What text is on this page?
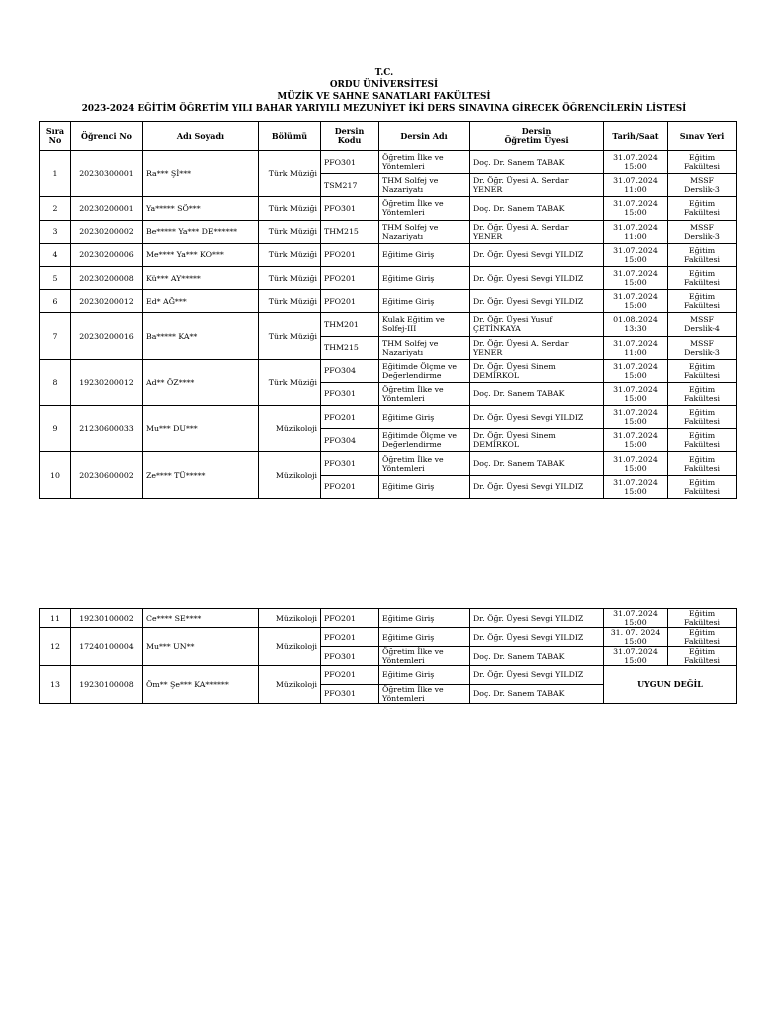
T.C.
ORDU ÜNİVERSİTESİ
MÜZİK VE SAHNE SANATLARI FAKÜLTESİ
2023-2024 EĞİTİM ÖĞRETİM YILI BAHAR YARIYILI MEZUNİYET İKİ DERS SINAVINA GİRECEK ÖĞRENCİLERİN LİSTESİ
Sıra
No	Öğrenci No	Adı Soyadı	Bölümü	Dersin
Kodu	Dersin Adı	Dersin
Öğretim Üyesi	Tarih/Saat	Sınav Yeri
1	20230300001	Ra*** Şİ***	Türk Müziği	PFO301	Öğretim İlke ve
Yöntemleri	Doç. Dr. Sanem TABAK	31.07.2024
15:00	Eğitim
Fakültesi
				TSM217	THM Solfej ve
Nazariyatı	Dr. Öğr. Üyesi A. Serdar
YENER	31.07.2024
11:00	MSSF
Derslik-3
2	20230200001	Ya***** SÖ***	Türk Müziği	PFO301	Öğretim İlke ve
Yöntemleri	Doç. Dr. Sanem TABAK	31.07.2024
15:00	Eğitim
Fakültesi
3	20230200002	Be***** Ya*** DE******	Türk Müziği	THM215	THM Solfej ve
Nazariyatı	Dr. Öğr. Üyesi A. Serdar
YENER	31.07.2024
11:00	MSSF
Derslik-3
4	20230200006	Me**** Ya*** KO***	Türk Müziği	PFO201	Eğitime Giriş	Dr. Öğr. Üyesi Sevgi YILDIZ	31.07.2024
15:00	Eğitim
Fakültesi
5	20230200008	Kü*** AY*****	Türk Müziği	PFO201	Eğitime Giriş	Dr. Öğr. Üyesi Sevgi YILDIZ	31.07.2024
15:00	Eğitim
Fakültesi
6	20230200012	Ed* AĞ***	Türk Müziği	PFO201	Eğitime Giriş	Dr. Öğr. Üyesi Sevgi YILDIZ	31.07.2024
15:00	Eğitim
Fakültesi
7	20230200016	Ba***** KA**	Türk Müziği	THM201	Kulak Eğitim ve
Solfej-III	Dr. Öğr. Üyesi Yusuf
ÇETİNKAYA	01.08.2024
13:30	MSSF
Derslik-4
				THM215	THM Solfej ve
Nazariyatı	Dr. Öğr. Üyesi A. Serdar
YENER	31.07.2024
11:00	MSSF
Derslik-3
8	19230200012	Ad** ÖZ****	Türk Müziği	PFO304	Eğitimde Ölçme ve
Değerlendirme	Dr. Öğr. Üyesi Sinem
DEMİRKOL	31.07.2024
15:00	Eğitim
Fakültesi
				PFO301	Öğretim İlke ve
Yöntemleri	Doç. Dr. Sanem TABAK	31.07.2024
15:00	Eğitim
Fakültesi
9	21230600033	Mu*** DU***	Müzikoloji	PFO201	Eğitime Giriş	Dr. Öğr. Üyesi Sevgi YILDIZ	31.07.2024
15:00	Eğitim
Fakültesi
				PFO304	Eğitimde Ölçme ve
Değerlendirme	Dr. Öğr. Üyesi Sinem
DEMİRKOL	31.07.2024
15:00	Eğitim
Fakültesi
10	20230600002	Ze**** TÜ*****	Müzikoloji	PFO301	Öğretim İlke ve
Yöntemleri	Doç. Dr. Sanem TABAK	31.07.2024
15:00	Eğitim
Fakültesi
				PFO201	Eğitime Giriş	Dr. Öğr. Üyesi Sevgi YILDIZ	31.07.2024
15:00	Eğitim
Fakültesi
11	19230100002	Ce**** SE****	Müzikoloji	PFO201	Eğitime Giriş	Dr. Öğr. Üyesi Sevgi YILDIZ	31.07.2024
15:00	Eğitim
Fakültesi
12	17240100004	Mu*** UN**	Müzikoloji	PFO201	Eğitime Giriş	Dr. Öğr. Üyesi Sevgi YILDIZ	31. 07. 2024
15:00	Eğitim
Fakültesi
				PFO301	Öğretim İlke ve
Yöntemleri	Doç. Dr. Sanem TABAK	31.07.2024
15:00	Eğitim
Fakültesi
13	19230100008	Öm** Şe*** KA******	Müzikoloji	PFO201	Eğitime Giriş	Dr. Öğr. Üyesi Sevgi YILDIZ	UYGUN DEĞİL	
				PFO301	Öğretim İlke ve
Yöntemleri	Doç. Dr. Sanem TABAK		
